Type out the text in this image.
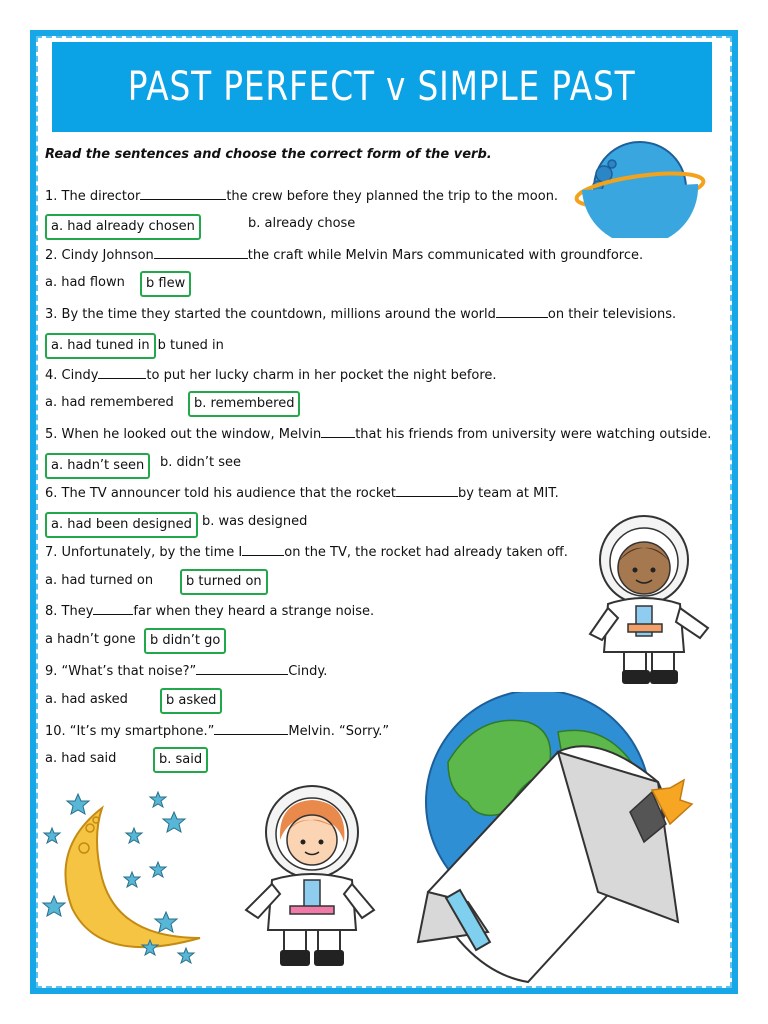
PAST PERFECT v SIMPLE PAST
Read the sentences and choose the correct form of the verb.
1. The director	the crew before they planned the trip to the moon.
a. had already chosen	b. already chose
2. Cindy Johnson	the craft while Melvin Mars communicated with groundforce.
a. had flown	b flew
3. By the time they started the countdown, millions around the world	on their televisions.
a. had tuned in b tuned in
4. Cindy	to put her lucky charm in her pocket the night before.
a. had remembered	b. remembered
5. When he looked out the window, Melvin	that his friends from university were watching outside.
a. hadn’t seen b. didn’t see
6. The TV announcer told his audience that the rocket	by team at MIT.
a. had been designed b. was designed
7. Unfortunately, by the time I	on the TV, the rocket had already taken off.
a. had turned on	b turned on
8. They	far when they heard a strange noise.
a hadn’t gone	b didn’t go
9. “What’s that noise?”	Cindy.
a. had asked	b asked
10. “It’s my smartphone.”	Melvin. “Sorry.”
a. had said	b. said
